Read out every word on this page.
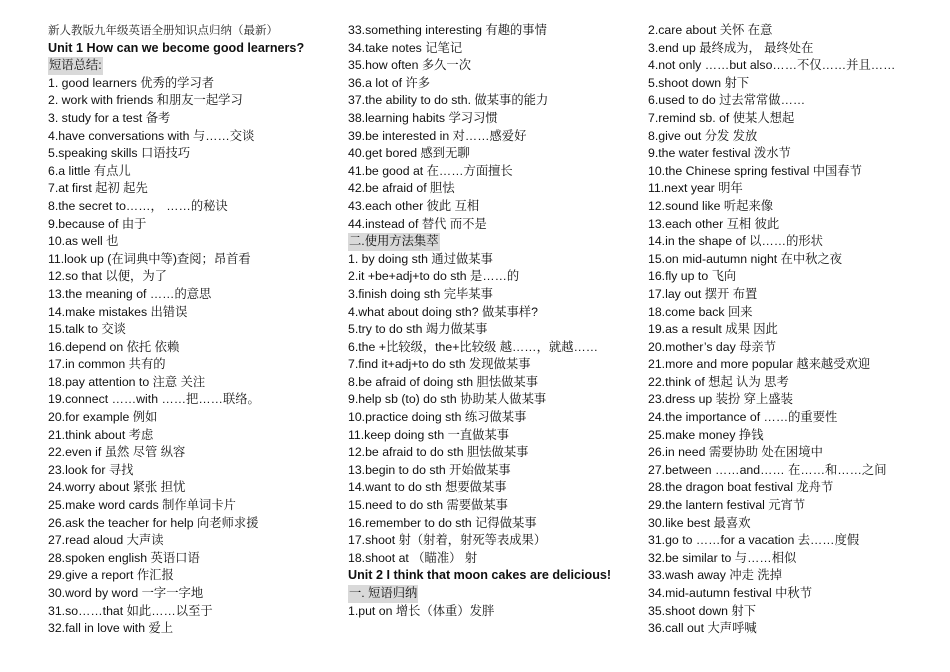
新人教版九年级英语全册知识点归纳（最新）
Unit 1 How can we become good learners?
短语总结:
1. good learners 优秀的学习者
2. work with friends 和朋友一起学习
3. study for a test 备考
4.have conversations with 与……交谈
5.speaking skills 口语技巧
6.a little 有点儿
7.at first 起初 起先
8.the secret to……， ……的秘诀
9.because of 由于
10.as well 也
11.look up (在词典中等)查阅；昂首看
12.so that 以便，为了
13.the meaning of ……的意思
14.make mistakes 出错误
15.talk to 交谈
16.depend on 依托 依赖
17.in common 共有的
18.pay attention to 注意 关注
19.connect ……with ……把……联络。
20.for example 例如
21.think about 考虑
22.even if 虽然 尽管 纵容
23.look for 寻找
24.worry about 紧张 担忧
25.make word cards 制作单词卡片
26.ask the teacher for help 向老师求援
27.read aloud 大声读
28.spoken english 英语口语
29.give a report 作汇报
30.word by word 一字一字地
31.so……that 如此……以至于
32.fall in love with 爱上
33.something interesting 有趣的事情
34.take notes 记笔记
35.how often 多久一次
36.a lot of 许多
37.the ability to do sth. 做某事的能力
38.learning habits 学习习惯
39.be interested in 对……感爱好
40.get bored 感到无聊
41.be good at 在……方面擅长
42.be afraid of 胆怯
43.each other 彼此 互相
44.instead of 替代 而不是
二.使用方法集萃
1. by doing sth 通过做某事
2.it +be+adj+to do sth 是……的
3.finish doing sth 完毕某事
4.what about doing sth? 做某事样?
5.try to do sth 竭力做某事
6.the +比较级，the+比较级 越……，就越……
7.find it+adj+to do sth 发现做某事
8.be afraid of doing sth 胆怯做某事
9.help sb (to) do sth 协助某人做某事
10.practice doing sth 练习做某事
11.keep doing sth 一直做某事
12.be afraid to do sth 胆怯做某事
13.begin to do sth 开始做某事
14.want to do sth 想要做某事
15.need to do sth 需要做某事
16.remember to do sth 记得做某事
17.shoot 射（射着，射死等表成果）
18.shoot at （瞄准） 射
Unit 2 I think that moon cakes are delicious!
一. 短语归纳
1.put on 增长（体重）发胖
2.care about 关怀 在意
3.end up 最终成为， 最终处在
4.not only ……but also……不仅……并且……
5.shoot down 射下
6.used to do 过去常常做……
7.remind sb. of 使某人想起
8.give out 分发 发放
9.the water festival 泼水节
10.the Chinese spring festival 中国春节
11.next year 明年
12.sound like 听起来像
13.each other 互相 彼此
14.in the shape of 以……的形状
15.on mid-autumn night 在中秋之夜
16.fly up to 飞向
17.lay out 摆开 布置
18.come back 回来
19.as a result 成果 因此
20.mother’s day 母亲节
21.more and more popular 越来越受欢迎
22.think of 想起 认为 思考
23.dress up 装扮 穿上盛装
24.the importance of ……的重要性
25.make money 挣钱
26.in need 需要协助 处在困境中
27.between ……and…… 在……和……之间
28.the dragon boat festival 龙舟节
29.the lantern festival 元宵节
30.like best 最喜欢
31.go to ……for a vacation 去……度假
32.be similar to 与……相似
33.wash away 冲走 洗掉
34.mid-autumn festival 中秋节
35.shoot down 射下
36.call out 大声呼喊
